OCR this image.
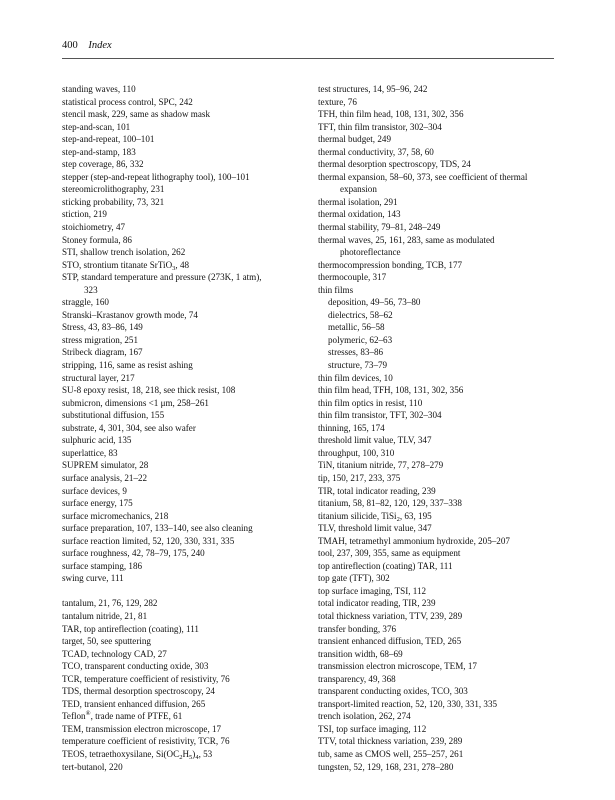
400 Index
standing waves, 110
statistical process control, SPC, 242
stencil mask, 229, same as shadow mask
step-and-scan, 101
step-and-repeat, 100–101
step-and-stamp, 183
step coverage, 86, 332
stepper (step-and-repeat lithography tool), 100–101
stereomicrolithography, 231
sticking probability, 73, 321
stiction, 219
stoichiometry, 47
Stoney formula, 86
STI, shallow trench isolation, 262
STO, strontium titanate SrTiO$_3$, 48
STP, standard temperature and pressure (273K, 1 atm),
323
straggle, 160
Stranski–Krastanov growth mode, 74
Stress, 43, 83–86, 149
stress migration, 251
Stribeck diagram, 167
stripping, 116, same as resist ashing
structural layer, 217
SU-8 epoxy resist, 18, 218, see thick resist, 108
submicron, dimensions <1 μm, 258–261
substitutional diffusion, 155
substrate, 4, 301, 304, see also wafer
sulphuric acid, 135
superlattice, 83
SUPREM simulator, 28
surface analysis, 21–22
surface devices, 9
surface energy, 175
surface micromechanics, 218
surface preparation, 107, 133–140, see also cleaning
surface reaction limited, 52, 120, 330, 331, 335
surface roughness, 42, 78–79, 175, 240
surface stamping, 186
swing curve, 111
tantalum, 21, 76, 129, 282
tantalum nitride, 21, 81
TAR, top antireflection (coating), 111
target, 50, see sputtering
TCAD, technology CAD, 27
TCO, transparent conducting oxide, 303
TCR, temperature coefficient of resistivity, 76
TDS, thermal desorption spectroscopy, 24
TED, transient enhanced diffusion, 265
Teflon®, trade name of PTFE, 61
TEM, transmission electron microscope, 17
temperature coefficient of resistivity, TCR, 76
TEOS, tetraethoxysilane, $Si(OC_2H_5)_4$, 53
tert-butanol, 220
test structures, 14, 95–96, 242
texture, 76
TFH, thin film head, 108, 131, 302, 356
TFT, thin film transistor, 302–304
thermal budget, 249
thermal conductivity, 37, 58, 60
thermal desorption spectroscopy, TDS, 24
thermal expansion, 58–60, 373, see coefficient of thermal
expansion
thermal isolation, 291
thermal oxidation, 143
thermal stability, 79–81, 248–249
thermal waves, 25, 161, 283, same as modulated
photoreflectance
thermocompression bonding, TCB, 177
thermocouple, 317
thin films
deposition, 49–56, 73–80
dielectrics, 58–62
metallic, 56–58
polymeric, 62–63
stresses, 83–86
structure, 73–79
thin film devices, 10
thin film head, TFH, 108, 131, 302, 356
thin film optics in resist, 110
thin film transistor, TFT, 302–304
thinning, 165, 174
threshold limit value, TLV, 347
throughput, 100, 310
TiN, titanium nitride, 77, 278–279
tip, 150, 217, 233, 375
TIR, total indicator reading, 239
titanium, 58, 81–82, 120, 129, 337–338
titanium silicide, TiSi$_2$, 63, 195
TLV, threshold limit value, 347
TMAH, tetramethyl ammonium hydroxide, 205–207
tool, 237, 309, 355, same as equipment
top antireflection (coating) TAR, 111
top gate (TFT), 302
top surface imaging, TSI, 112
total indicator reading, TIR, 239
total thickness variation, TTV, 239, 289
transfer bonding, 376
transient enhanced diffusion, TED, 265
transition width, 68–69
transmission electron microscope, TEM, 17
transparency, 49, 368
transparent conducting oxides, TCO, 303
transport-limited reaction, 52, 120, 330, 331, 335
trench isolation, 262, 274
TSI, top surface imaging, 112
TTV, total thickness variation, 239, 289
tub, same as CMOS well, 255–257, 261
tungsten, 52, 129, 168, 231, 278–280
